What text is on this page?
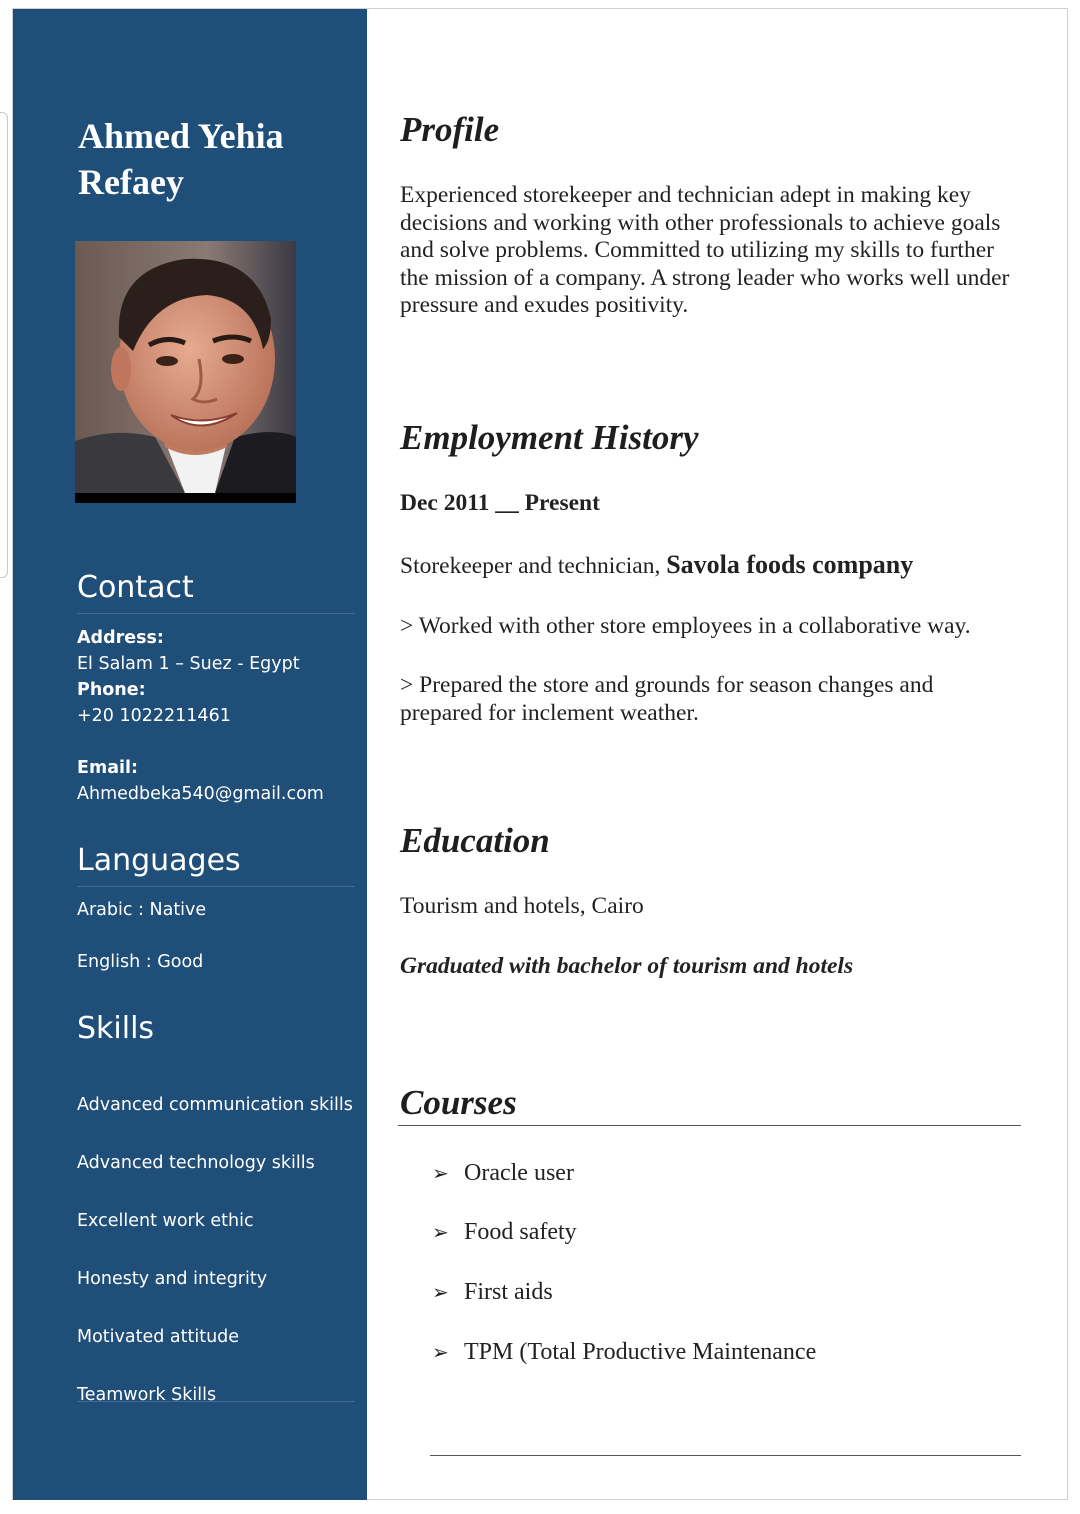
Ahmed Yehia Refaey
Contact
Address:
El Salam 1 – Suez - Egypt
Phone:
+20 1022211461
Email:
Ahmedbeka540@gmail.com
Languages
Arabic : Native
English : Good
Skills
Advanced communication skills
Advanced technology skills
Excellent work ethic
Honesty and integrity
Motivated attitude
Teamwork Skills
Profile

Experienced storekeeper and technician adept in making key decisions and working with other professionals to achieve goals and solve problems. Committed to utilizing my skills to further the mission of a company. A strong leader who works well under pressure and exudes positivity.

Employment History
Dec 2011 __ Present
Storekeeper and technician, Savola foods company
> Worked with other store employees in a collaborative way.
> Prepared the store and grounds for season changes and prepared for inclement weather.
Education
Tourism and hotels, Cairo
Graduated with bachelor of tourism and hotels
Courses
➢ Oracle user
➢ Food safety
➢ First aids
➢ TPM (Total Productive Maintenance
